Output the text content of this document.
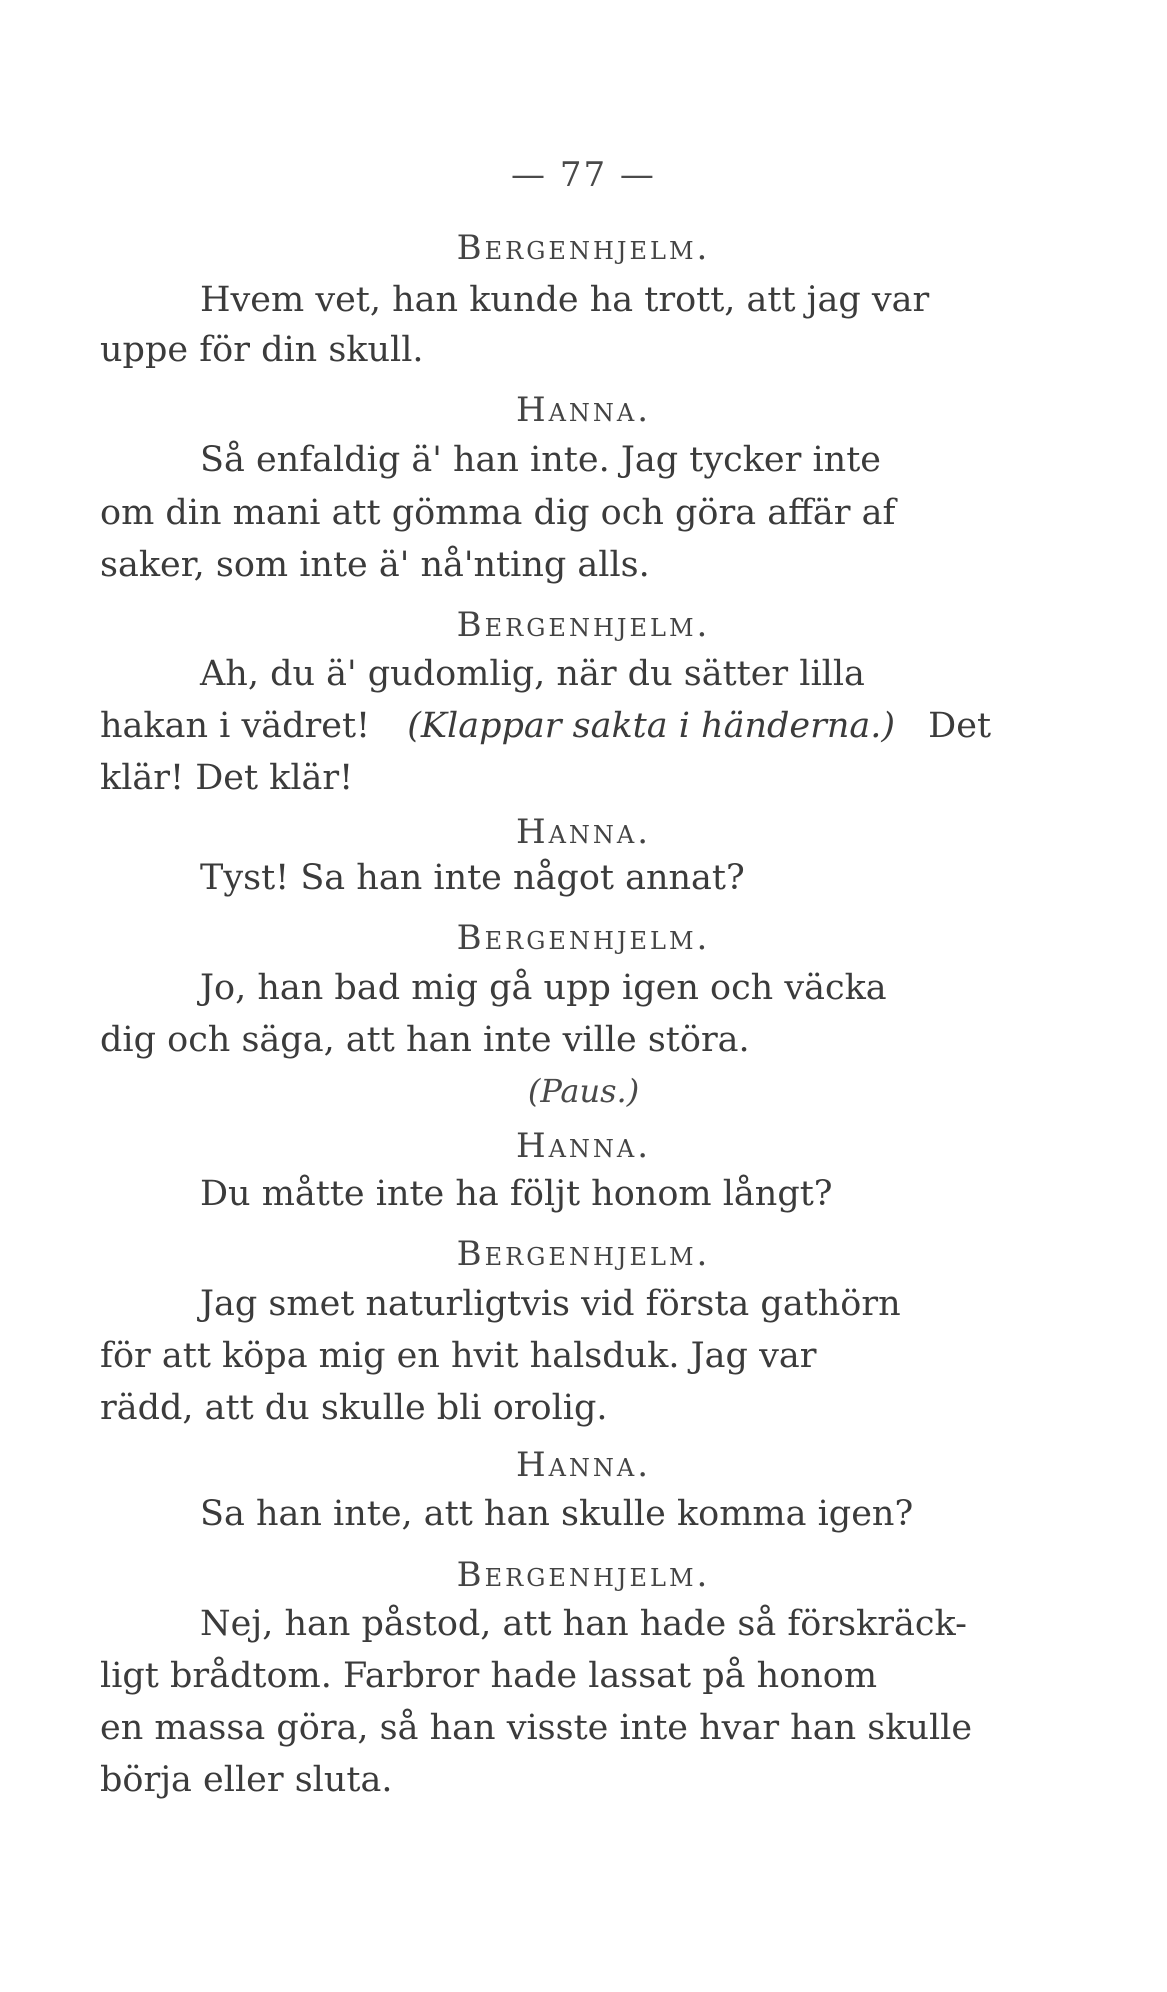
— 77 —
Bergenhjelm.
Hvem vet, han kunde ha trott, att jag var
uppe för din skull.
Hanna.
Så enfaldig ä' han inte. Jag tycker inte
om din mani att gömma dig och göra affär af
saker, som inte ä' nå'nting alls.
Bergenhjelm.
Ah, du ä' gudomlig, när du sätter lilla
hakan i vädret! (Klappar sakta i händerna.) Det
klär! Det klär!
Hanna.
Tyst! Sa han inte något annat?
Bergenhjelm.
Jo, han bad mig gå upp igen och väcka
dig och säga, att han inte ville störa.
(Paus.)
Hanna.
Du måtte inte ha följt honom långt?
Bergenhjelm.
Jag smet naturligtvis vid första gathörn
för att köpa mig en hvit halsduk. Jag var
rädd, att du skulle bli orolig.
Hanna.
Sa han inte, att han skulle komma igen?
Bergenhjelm.
Nej, han påstod, att han hade så förskräck-
ligt brådtom. Farbror hade lassat på honom
en massa göra, så han visste inte hvar han skulle
börja eller sluta.
